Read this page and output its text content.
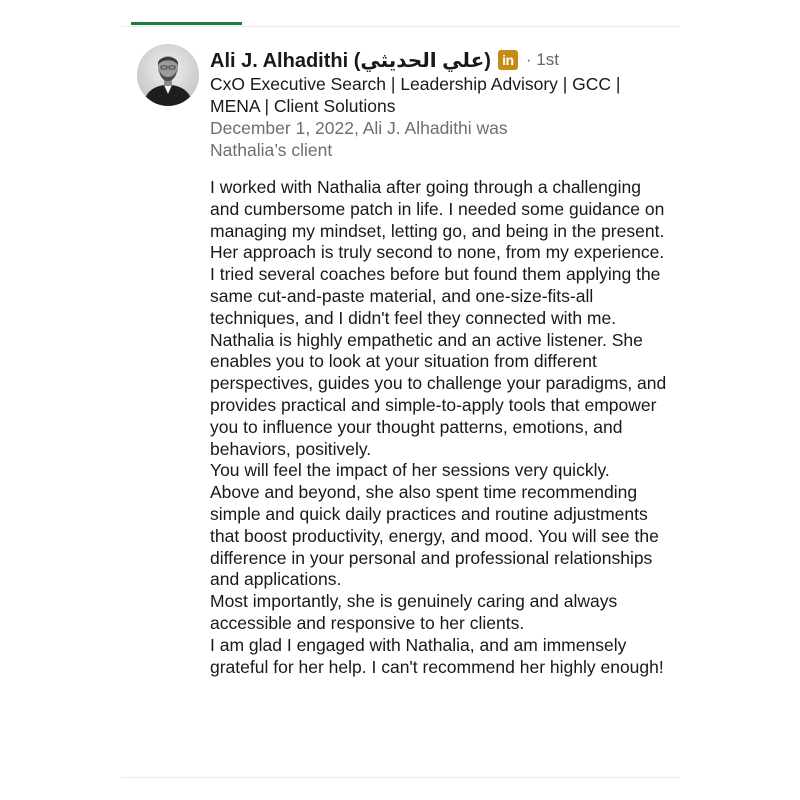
Ali J. Alhadithi (علي الحديثي) in · 1st
CxO Executive Search | Leadership Advisory | GCC | MENA | Client Solutions
December 1, 2022, Ali J. Alhadithi was Nathalia’s client

I worked with Nathalia after going through a challenging and cumbersome patch in life. I needed some guidance on managing my mindset, letting go, and being in the present.

Her approach is truly second to none, from my experience. I tried several coaches before but found them applying the same cut-and-paste material, and one-size-fits-all techniques, and I didn't feel they connected with me.

Nathalia is highly empathetic and an active listener. She enables you to look at your situation from different perspectives, guides you to challenge your paradigms, and provides practical and simple-to-apply tools that empower you to influence your thought patterns, emotions, and behaviors, positively.

You will feel the impact of her sessions very quickly.

Above and beyond, she also spent time recommending simple and quick daily practices and routine adjustments that boost productivity, energy, and mood. You will see the difference in your personal and professional relationships and applications.

Most importantly, she is genuinely caring and always accessible and responsive to her clients.

I am glad I engaged with Nathalia, and am immensely grateful for her help. I can't recommend her highly enough!
